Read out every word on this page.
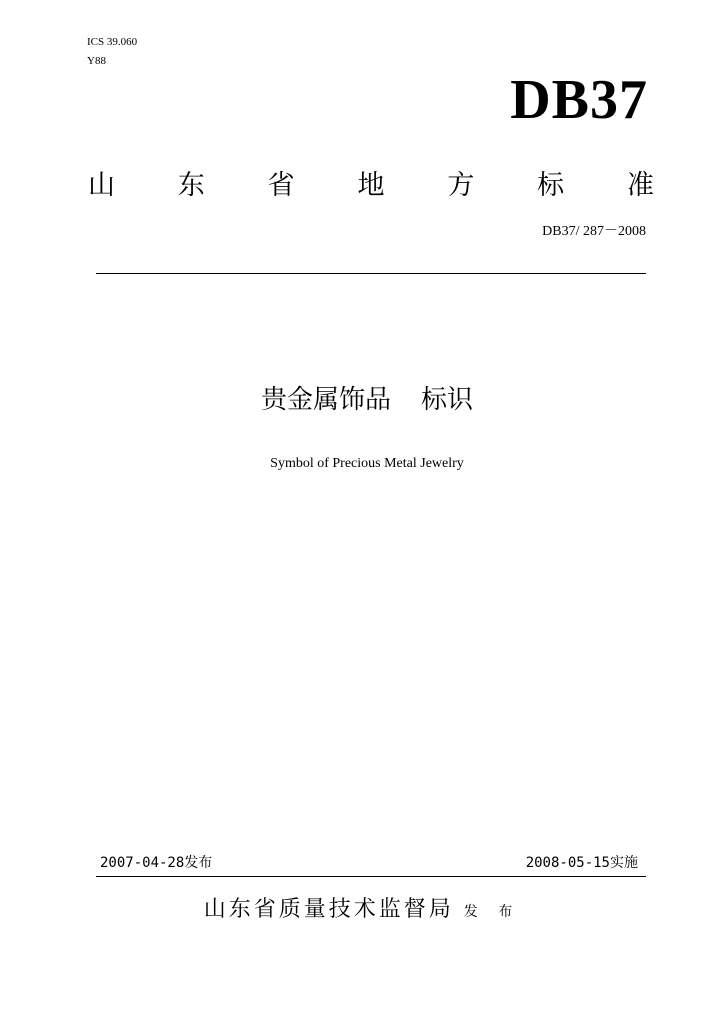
ICS 39.060
Y88
DB37
山 东 省 地 方 标 准
DB37/ 287－2008
贵金属饰品 标识
Symbol of Precious Metal Jewelry
2007-04-28发布	2008-05-15实施
山东省质量技术监督局 发 布
